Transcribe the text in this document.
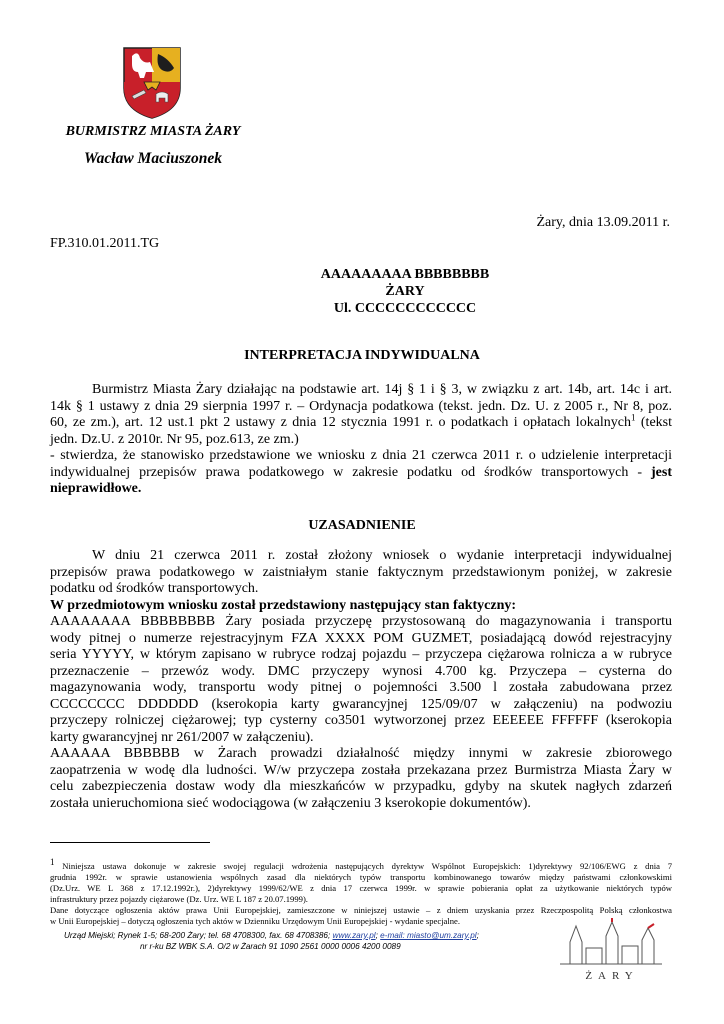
BURMISTRZ MIASTA ŻARY
Wacław Maciuszonek
Żary, dnia 13.09.2011 r.
FP.310.01.2011.TG
AAAAAAAAA BBBBBBBB
ŻARY
Ul. CCCCCCCCCCCC
INTERPRETACJA INDYWIDUALNA
Burmistrz Miasta Żary działając na podstawie art. 14j § 1 i § 3, w związku z art. 14b, art. 14c i art.
14k § 1 ustawy z dnia 29 sierpnia 1997 r. – Ordynacja podatkowa (tekst. jedn. Dz. U. z 2005 r., Nr 8, poz.
60, ze zm.), art. 12 ust.1 pkt 2 ustawy z dnia 12 stycznia 1991 r. o podatkach i opłatach lokalnych$^1$ (tekst
jedn. Dz.U. z 2010r. Nr 95, poz.613, ze zm.)
- stwierdza, że stanowisko przedstawione we wniosku z dnia 21 czerwca 2011 r. o udzielenie interpretacji
indywidualnej przepisów prawa podatkowego w zakresie podatku od środków transportowych - jest
nieprawidłowe.
UZASADNIENIE
W dniu 21 czerwca 2011 r. został złożony wniosek o wydanie interpretacji indywidualnej
przepisów prawa podatkowego w zaistniałym stanie faktycznym przedstawionym poniżej, w zakresie
podatku od środków transportowych.
W przedmiotowym wniosku został przedstawiony następujący stan faktyczny:
AAAAAAAA BBBBBBBB Żary posiada przyczepę przystosowaną do magazynowania i transportu
wody pitnej o numerze rejestracyjnym FZA XXXX POM GUZMET, posiadającą dowód rejestracyjny
seria YYYYY, w którym zapisano w rubryce rodzaj pojazdu – przyczepa ciężarowa rolnicza a w rubryce
przeznaczenie – przewóz wody. DMC przyczepy wynosi 4.700 kg. Przyczepa – cysterna do
magazynowania wody, transportu wody pitnej o pojemności 3.500 l została zabudowana przez
CCCCCCCC DDDDDD (kserokopia karty gwarancyjnej 125/09/07 w załączeniu) na podwoziu
przyczepy rolniczej ciężarowej; typ cysterny co3501 wytworzonej przez EEEEEE FFFFFF (kserokopia
karty gwarancyjnej nr 261/2007 w załączeniu).
AAAAAA BBBBBB w Żarach prowadzi działalność między innymi w zakresie zbiorowego
zaopatrzenia w wodę dla ludności. W/w przyczepa została przekazana przez Burmistrza Miasta Żary w
celu zabezpieczenia dostaw wody dla mieszkańców w przypadku, gdyby na skutek nagłych zdarzeń
została unieruchomiona sieć wodociągowa (w załączeniu 3 kserokopie dokumentów).
$^1$ Niniejsza ustawa dokonuje w zakresie swojej regulacji wdrożenia następujących dyrektyw Wspólnot Europejskich: 1)dyrektywy 92/106/EWG z dnia 7
grudnia 1992r. w sprawie ustanowienia wspólnych zasad dla niektórych typów transportu kombinowanego towarów między państwami członkowskimi
(Dz.Urz. WE L 368 z 17.12.1992r.), 2)dyrektywy 1999/62/WE z dnia 17 czerwca 1999r. w sprawie pobierania opłat za użytkowanie niektórych typów
infrastruktury przez pojazdy ciężarowe (Dz. Urz. WE L 187 z 20.07.1999).
Dane dotyczące ogłoszenia aktów prawa Unii Europejskiej, zamieszczone w niniejszej ustawie – z dniem uzyskania przez Rzeczpospolitą Polską członkostwa
w Unii Europejskiej – dotyczą ogłoszenia tych aktów w Dzienniku Urzędowym Unii Europejskiej - wydanie specjalne.
Urząd Miejski; Rynek 1-5; 68-200 Żary; tel. 68 4708300, fax. 68 4708386; www.zary.pl; e-mail: miasto@um.zary.pl;
nr r-ku BZ WBK S.A. O/2 w Żarach 91 1090 2561 0000 0006 4200 0089
ŻARY
